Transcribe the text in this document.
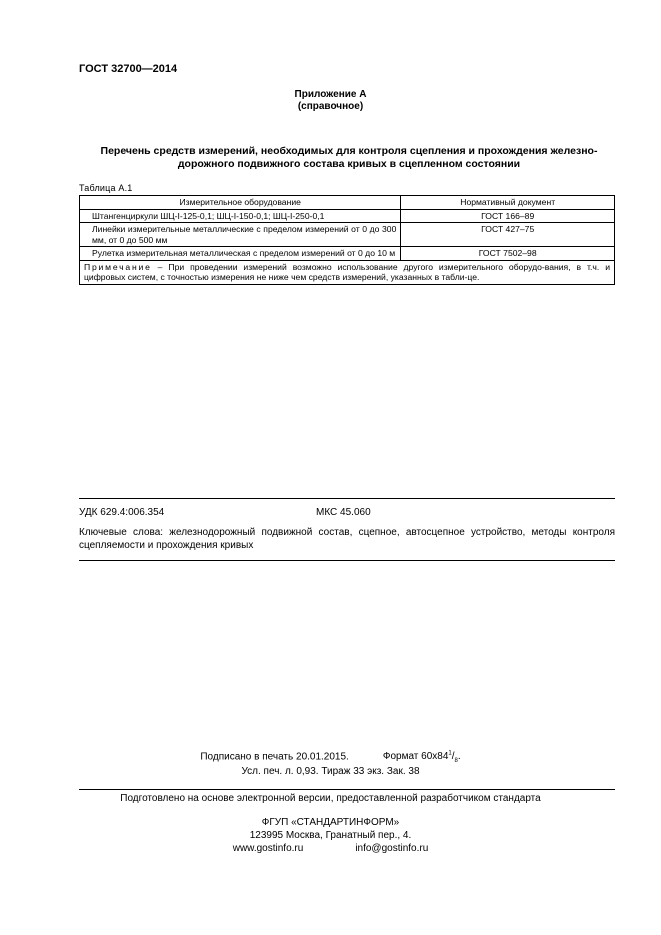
ГОСТ 32700—2014
Приложение А
(справочное)
Перечень средств измерений, необходимых для контроля сцепления и прохождения железно-дорожного подвижного состава кривых в сцепленном состоянии
Таблица А.1
Измерительное оборудование	Нормативный документ
Штангенциркули ШЦ-I-125-0,1; ШЦ-I-150-0,1; ШЦ-I-250-0,1	ГОСТ 166–89
Линейки измерительные металлические с пределом измерений от 0 до 300 мм, от 0 до 500 мм	ГОСТ 427–75
Рулетка измерительная металлическая с пределом измерений от 0 до 10 м	ГОСТ 7502–98
Примечание – При проведении измерений возможно использование другого измерительного оборудо-вания, в т.ч. и цифровых систем, с точностью измерения не ниже чем средств измерений, указанных в табли-це.	
УДК 629.4:006.354	МКС 45.060
Ключевые слова: железнодорожный подвижной состав, сцепное, автосцепное устройство, методы контроля сцепляемости и прохождения кривых
Подписано в печать 20.01.2015.	Формат $60x84^1/_8$.
Усл. печ. л. 0,93. Тираж 33 экз. Зак. 38
Подготовлено на основе электронной версии, предоставленной разработчиком стандарта
ФГУП «СТАНДАРТИНФОРМ»
123995 Москва, Гранатный пер., 4.
www.gostinfo.ru	info@gostinfo.ru
